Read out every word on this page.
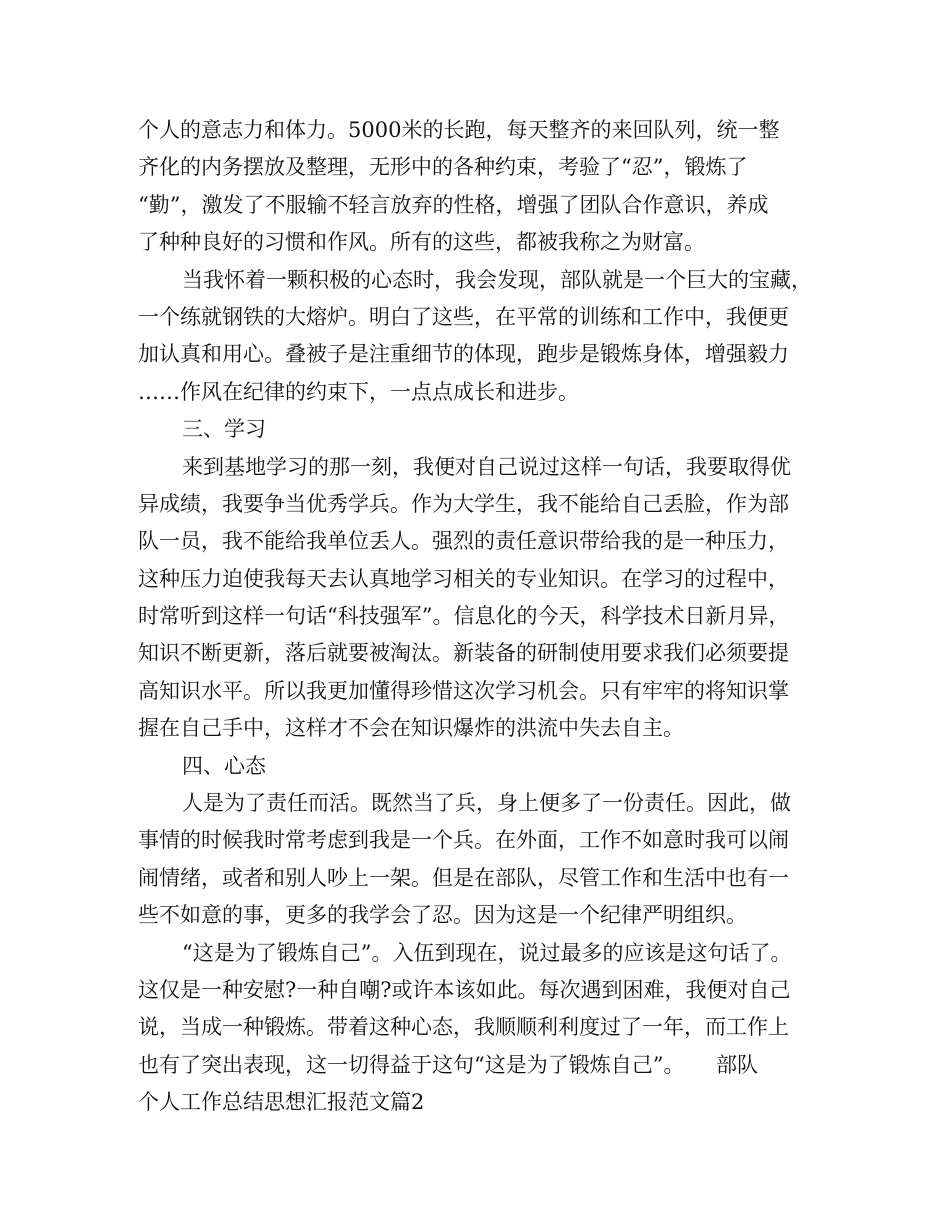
个人的意志力和体力。5000米的长跑，每天整齐的来回队列，统一整
齐化的内务摆放及整理，无形中的各种约束，考验了“忍”，锻炼了
“勤”，激发了不服输不轻言放弃的性格，增强了团队合作意识，养成
了种种良好的习惯和作风。所有的这些，都被我称之为财富。
当我怀着一颗积极的心态时，我会发现，部队就是一个巨大的宝藏，
一个练就钢铁的大熔炉。明白了这些，在平常的训练和工作中，我便更
加认真和用心。叠被子是注重细节的体现，跑步是锻炼身体，增强毅力
……作风在纪律的约束下，一点点成长和进步。
三、学习
来到基地学习的那一刻，我便对自己说过这样一句话，我要取得优
异成绩，我要争当优秀学兵。作为大学生，我不能给自己丢脸，作为部
队一员，我不能给我单位丢人。强烈的责任意识带给我的是一种压力，
这种压力迫使我每天去认真地学习相关的专业知识。在学习的过程中，
时常听到这样一句话“科技强军”。信息化的今天，科学技术日新月异，
知识不断更新，落后就要被淘汰。新装备的研制使用要求我们必须要提
高知识水平。所以我更加懂得珍惜这次学习机会。只有牢牢的将知识掌
握在自己手中，这样才不会在知识爆炸的洪流中失去自主。
四、心态
人是为了责任而活。既然当了兵，身上便多了一份责任。因此，做
事情的时候我时常考虑到我是一个兵。在外面，工作不如意时我可以闹
闹情绪，或者和别人吵上一架。但是在部队，尽管工作和生活中也有一
些不如意的事，更多的我学会了忍。因为这是一个纪律严明组织。
“这是为了锻炼自己”。入伍到现在，说过最多的应该是这句话了。
这仅是一种安慰?一种自嘲?或许本该如此。每次遇到困难，我便对自己
说，当成一种锻炼。带着这种心态，我顺顺利利度过了一年，而工作上
也有了突出表现，这一切得益于这句“这是为了锻炼自己”。　　部队
个人工作总结思想汇报范文篇2
